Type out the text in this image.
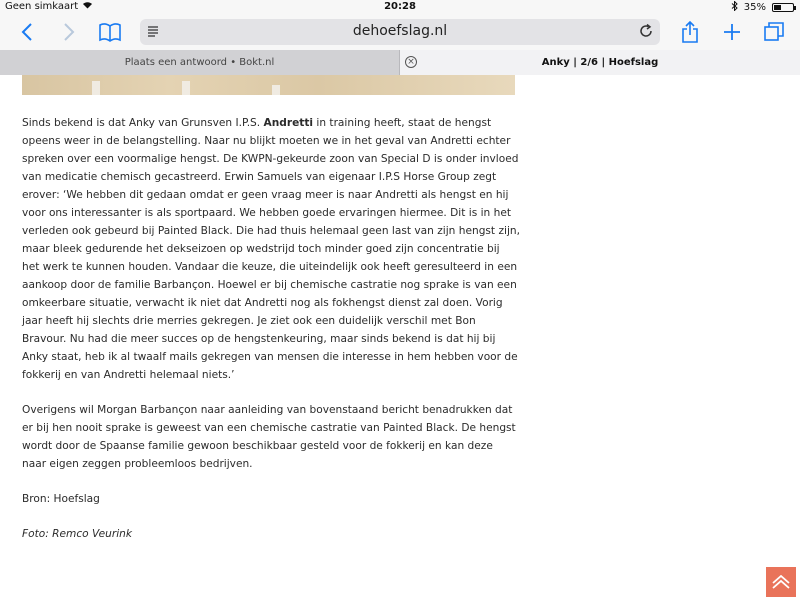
Geen simkaart	20:28	35%
dehoefslag.nl
Plaats een antwoord • Bokt.nl	Anky | 2/6 | Hoefslag
×

Sinds bekend is dat Anky van Grunsven I.P.S. Andretti in training heeft, staat de hengst opeens weer in de belangstelling. Naar nu blijkt moeten we in het geval van Andretti echter spreken over een voormalige hengst. De KWPN-gekeurde zoon van Special D is onder invloed van medicatie chemisch gecastreerd. Erwin Samuels van eigenaar I.P.S Horse Group zegt erover: ‘We hebben dit gedaan omdat er geen vraag meer is naar Andretti als hengst en hij voor ons interessanter is als sportpaard. We hebben goede ervaringen hiermee. Dit is in het verleden ook gebeurd bij Painted Black. Die had thuis helemaal geen last van zijn hengst zijn, maar bleek gedurende het dekseizoen op wedstrijd toch minder goed zijn concentratie bij het werk te kunnen houden. Vandaar die keuze, die uiteindelijk ook heeft geresulteerd in een aankoop door de familie Barbançon. Hoewel er bij chemische castratie nog sprake is van een omkeerbare situatie, verwacht ik niet dat Andretti nog als fokhengst dienst zal doen. Vorig jaar heeft hij slechts drie merries gekregen. Je ziet ook een duidelijk verschil met Bon Bravour. Nu had die meer succes op de hengstenkeuring, maar sinds bekend is dat hij bij Anky staat, heb ik al twaalf mails gekregen van mensen die interesse in hem hebben voor de fokkerij en van Andretti helemaal niets.’

Overigens wil Morgan Barbançon naar aanleiding van bovenstaand bericht benadrukken dat er bij hen nooit sprake is geweest van een chemische castratie van Painted Black. De hengst wordt door de Spaanse familie gewoon beschikbaar gesteld voor de fokkerij en kan deze naar eigen zeggen probleemloos bedrijven.

Bron: Hoefslag

Foto: Remco Veurink
